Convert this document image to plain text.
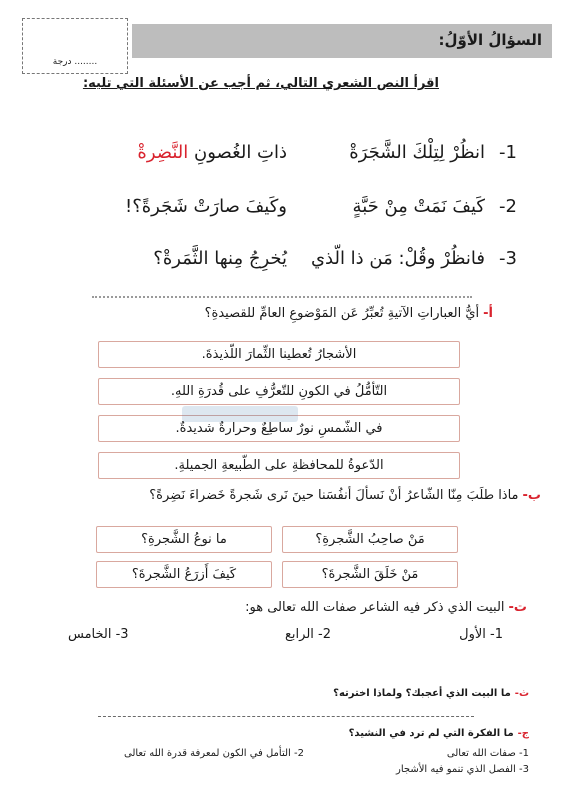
السؤالُ الأوّلُ:
........ درجة
اقرأ النص الشعري التالي، ثم أجب عن الأسئلة التي تليه:
1-
انظُرْ لِتِلْكَ الشَّجَرَةْ
ذاتِ الغُصونِ النَّضِرةْ
2-
كَيفَ نَمَتْ مِنْ حَبَّةٍ
وكَيفَ صارَتْ شَجَرةً؟!
3-
فانظُرْ وقُلْ: مَن ذا الّذي
يُخرِجُ مِنها الثَّمَرةْ؟
أ-أيُّ العباراتِ الآتيةِ تُعبِّرُ عَن المَوْضوعِ العامِّ للقصيدةِ؟
الأشجارُ تُعطينا الثِّمارَ اللّذيذةَ.
التّأمُّلُ في الكونِ للتّعرُّفِ على قُدرَةِ اللهِ.
في الشّمسِ نورٌ ساطِعٌ وحرارةٌ شديدةٌ.
الدّعوةُ للمحافظةِ على الطّبيعةِ الجميلةِ.
ب-ماذا طلَبَ مِنّا الشّاعرُ أنْ نَسألَ أنفُسَنا حينَ نَرى شَجرةً خَضراءَ نَضِرةً؟
مَنْ صاحِبُ الشَّجرةِ؟
ما نوعُ الشَّجرةِ؟
مَنْ خَلَقَ الشَّجرةَ؟
كَيفَ أَزرَعُ الشَّجرةَ؟
ت-البيت الذي ذكر فيه الشاعر صفات الله تعالى هو:
1- الأول
2- الرابع
3- الخامس
ث-ما البيت الذي أعجبك؟ ولماذا اخترته؟
ج-ما الفكرة التي لم ترد في النشيد؟
1- صفات الله تعالى
2- التأمل في الكون لمعرفة قدرة الله تعالى
3- الفصل الذي تنمو فيه الأشجار
